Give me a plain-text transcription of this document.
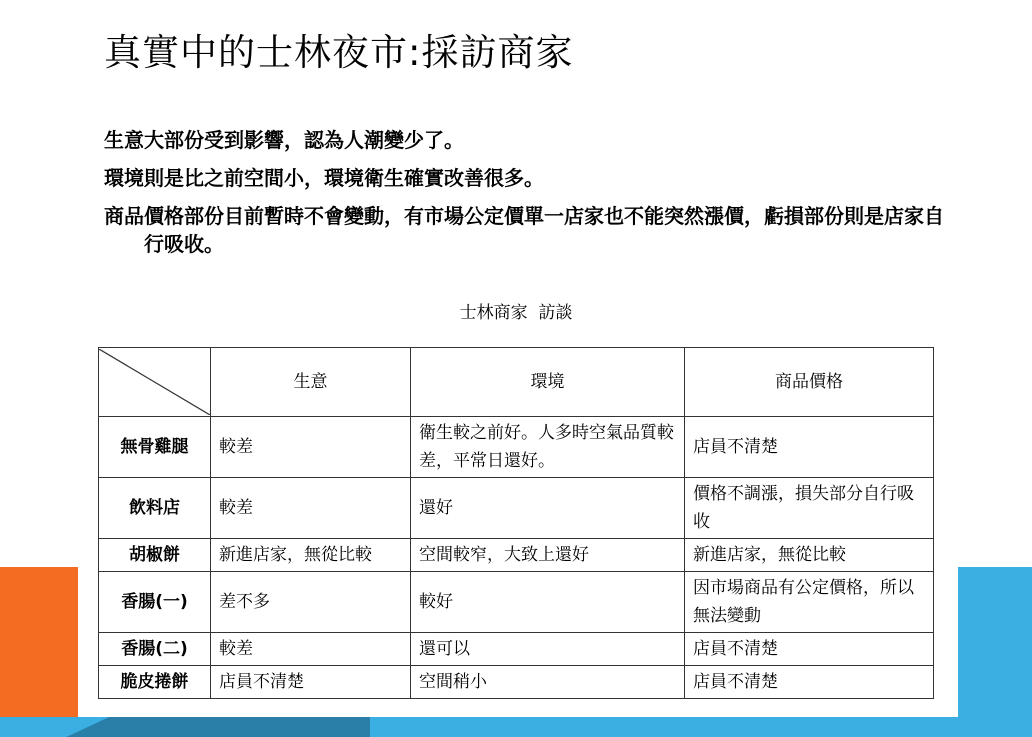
真實中的士林夜市:採訪商家

生意大部份受到影響，認為人潮變少了。

環境則是比之前空間小，環境衛生確實改善很多。

商品價格部份目前暫時不會變動，有市場公定價單一店家也不能突然漲價，虧損部份則是店家自行吸收。

士林商家  訪談
	生意	環境	商品價格
無骨雞腿	較差	衛生較之前好。人多時空氣品質較差，平常日還好。	店員不清楚
飲料店	較差	還好	價格不調漲，損失部分自行吸收
胡椒餅	新進店家，無從比較	空間較窄，大致上還好	新進店家，無從比較
香腸(一)	差不多	較好	因市場商品有公定價格，所以無法變動
香腸(二)	較差	還可以	店員不清楚
脆皮捲餅	店員不清楚	空間稍小	店員不清楚
